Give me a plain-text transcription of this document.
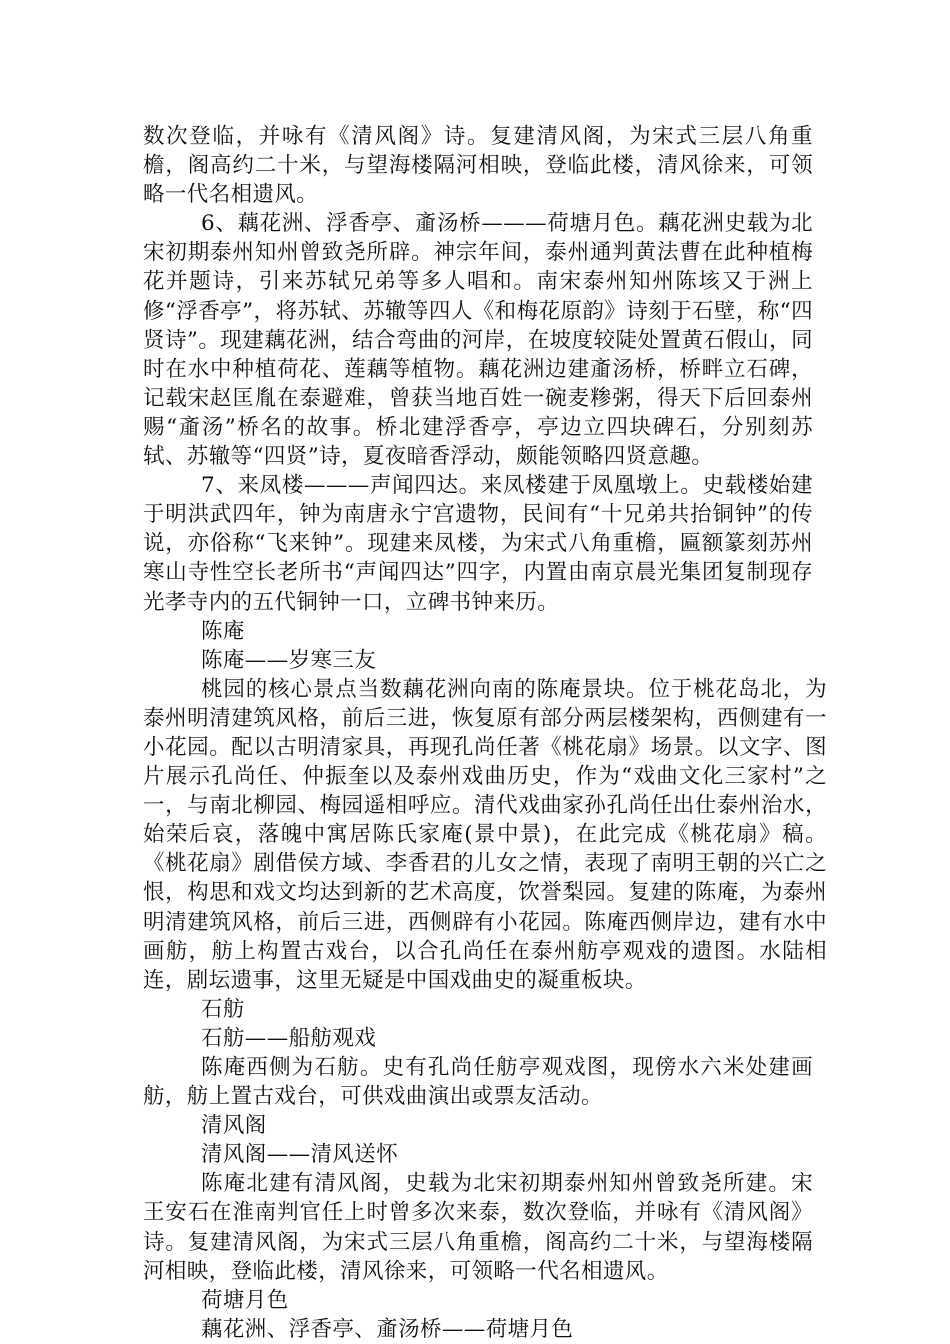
数次登临，并咏有《清风阁》诗。复建清风阁，为宋式三层八角重檐，阁高约二十米，与望海楼隔河相映，登临此楼，清风徐来，可领略一代名相遗风。

6、藕花洲、浮香亭、齑汤桥———荷塘月色。藕花洲史载为北宋初期泰州知州曾致尧所辟。神宗年间，泰州通判黄法曹在此种植梅花并题诗，引来苏轼兄弟等多人唱和。南宋泰州知州陈垓又于洲上修“浮香亭”，将苏轼、苏辙等四人《和梅花原韵》诗刻于石壁，称“四贤诗”。现建藕花洲，结合弯曲的河岸，在坡度较陡处置黄石假山，同时在水中种植荷花、莲藕等植物。藕花洲边建齑汤桥，桥畔立石碑，记载宋赵匡胤在泰避难，曾获当地百姓一碗麦糁粥，得天下后回泰州赐“齑汤”桥名的故事。桥北建浮香亭，亭边立四块碑石，分别刻苏轼、苏辙等“四贤”诗，夏夜暗香浮动，颇能领略四贤意趣。

7、来凤楼———声闻四达。来凤楼建于凤凰墩上。史载楼始建于明洪武四年，钟为南唐永宁宫遗物，民间有“十兄弟共抬铜钟”的传说，亦俗称“飞来钟”。现建来凤楼，为宋式八角重檐，匾额篆刻苏州寒山寺性空长老所书“声闻四达”四字，内置由南京晨光集团复制现存光孝寺内的五代铜钟一口，立碑书钟来历。

陈庵

陈庵——岁寒三友

桃园的核心景点当数藕花洲向南的陈庵景块。位于桃花岛北，为泰州明清建筑风格，前后三进，恢复原有部分两层楼架构，西侧建有一小花园。配以古明清家具，再现孔尚任著《桃花扇》场景。以文字、图片展示孔尚任、仲振奎以及泰州戏曲历史，作为“戏曲文化三家村”之一，与南北柳园、梅园遥相呼应。清代戏曲家孙孔尚任出仕泰州治水，始荣后哀，落魄中寓居陈氏家庵(景中景)，在此完成《桃花扇》稿。《桃花扇》剧借侯方域、李香君的儿女之情，表现了南明王朝的兴亡之恨，构思和戏文均达到新的艺术高度，饮誉梨园。复建的陈庵，为泰州明清建筑风格，前后三进，西侧辟有小花园。陈庵西侧岸边，建有水中画舫，舫上构置古戏台，以合孔尚任在泰州舫亭观戏的遗图。水陆相连，剧坛遗事，这里无疑是中国戏曲史的凝重板块。

石舫

石舫——船舫观戏

陈庵西侧为石舫。史有孔尚任舫亭观戏图，现傍水六米处建画舫，舫上置古戏台，可供戏曲演出或票友活动。

清风阁

清风阁——清风送怀

陈庵北建有清风阁，史载为北宋初期泰州知州曾致尧所建。宋王安石在淮南判官任上时曾多次来泰，数次登临，并咏有《清风阁》诗。复建清风阁，为宋式三层八角重檐，阁高约二十米，与望海楼隔河相映，登临此楼，清风徐来，可领略一代名相遗风。

荷塘月色

藕花洲、浮香亭、齑汤桥——荷塘月色
